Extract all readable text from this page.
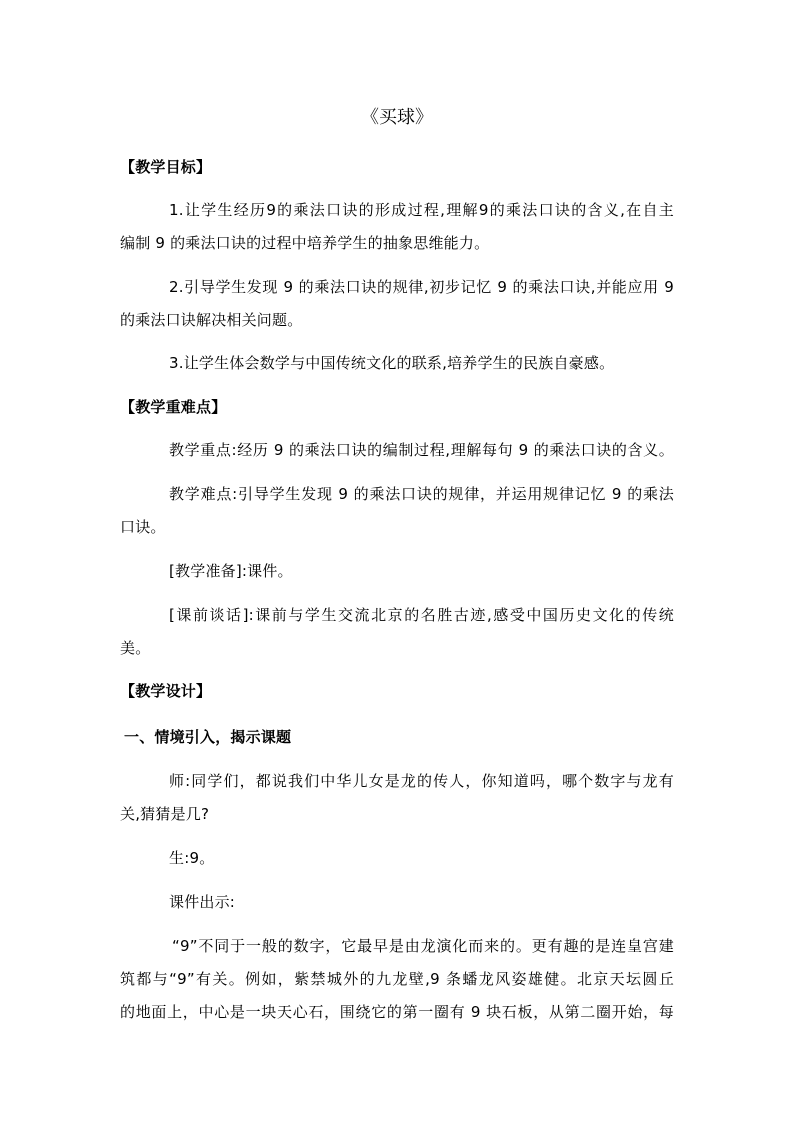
《买球》
【教学目标】
1.让学生经历9的乘法口诀的形成过程,理解9的乘法口诀的含义,在自主
编制 9 的乘法口诀的过程中培养学生的抽象思维能力。
2.引导学生发现 9 的乘法口诀的规律,初步记忆 9 的乘法口诀,并能应用 9
的乘法口诀解决相关问题。
3.让学生体会数学与中国传统文化的联系,培养学生的民族自豪感。
【教学重难点】
教学重点:经历 9 的乘法口诀的编制过程,理解每句 9 的乘法口诀的含义。
教学难点:引导学生发现 9 的乘法口诀的规律，并运用规律记忆 9 的乘法
口诀。
[教学准备]:课件。
[课前谈话]:课前与学生交流北京的名胜古迹,感受中国历史文化的传统
美。
【教学设计】
一、情境引入，揭示课题
师:同学们，都说我们中华儿女是龙的传人，你知道吗，哪个数字与龙有
关,猜猜是几?
生:9。
课件出示:
“9”不同于一般的数字，它最早是由龙演化而来的。更有趣的是连皇宫建
筑都与“9”有关。例如，紫禁城外的九龙壁,9 条蟠龙风姿雄健。北京天坛圆丘
的地面上，中心是一块天心石，围绕它的第一圈有 9 块石板，从第二圈开始，每
